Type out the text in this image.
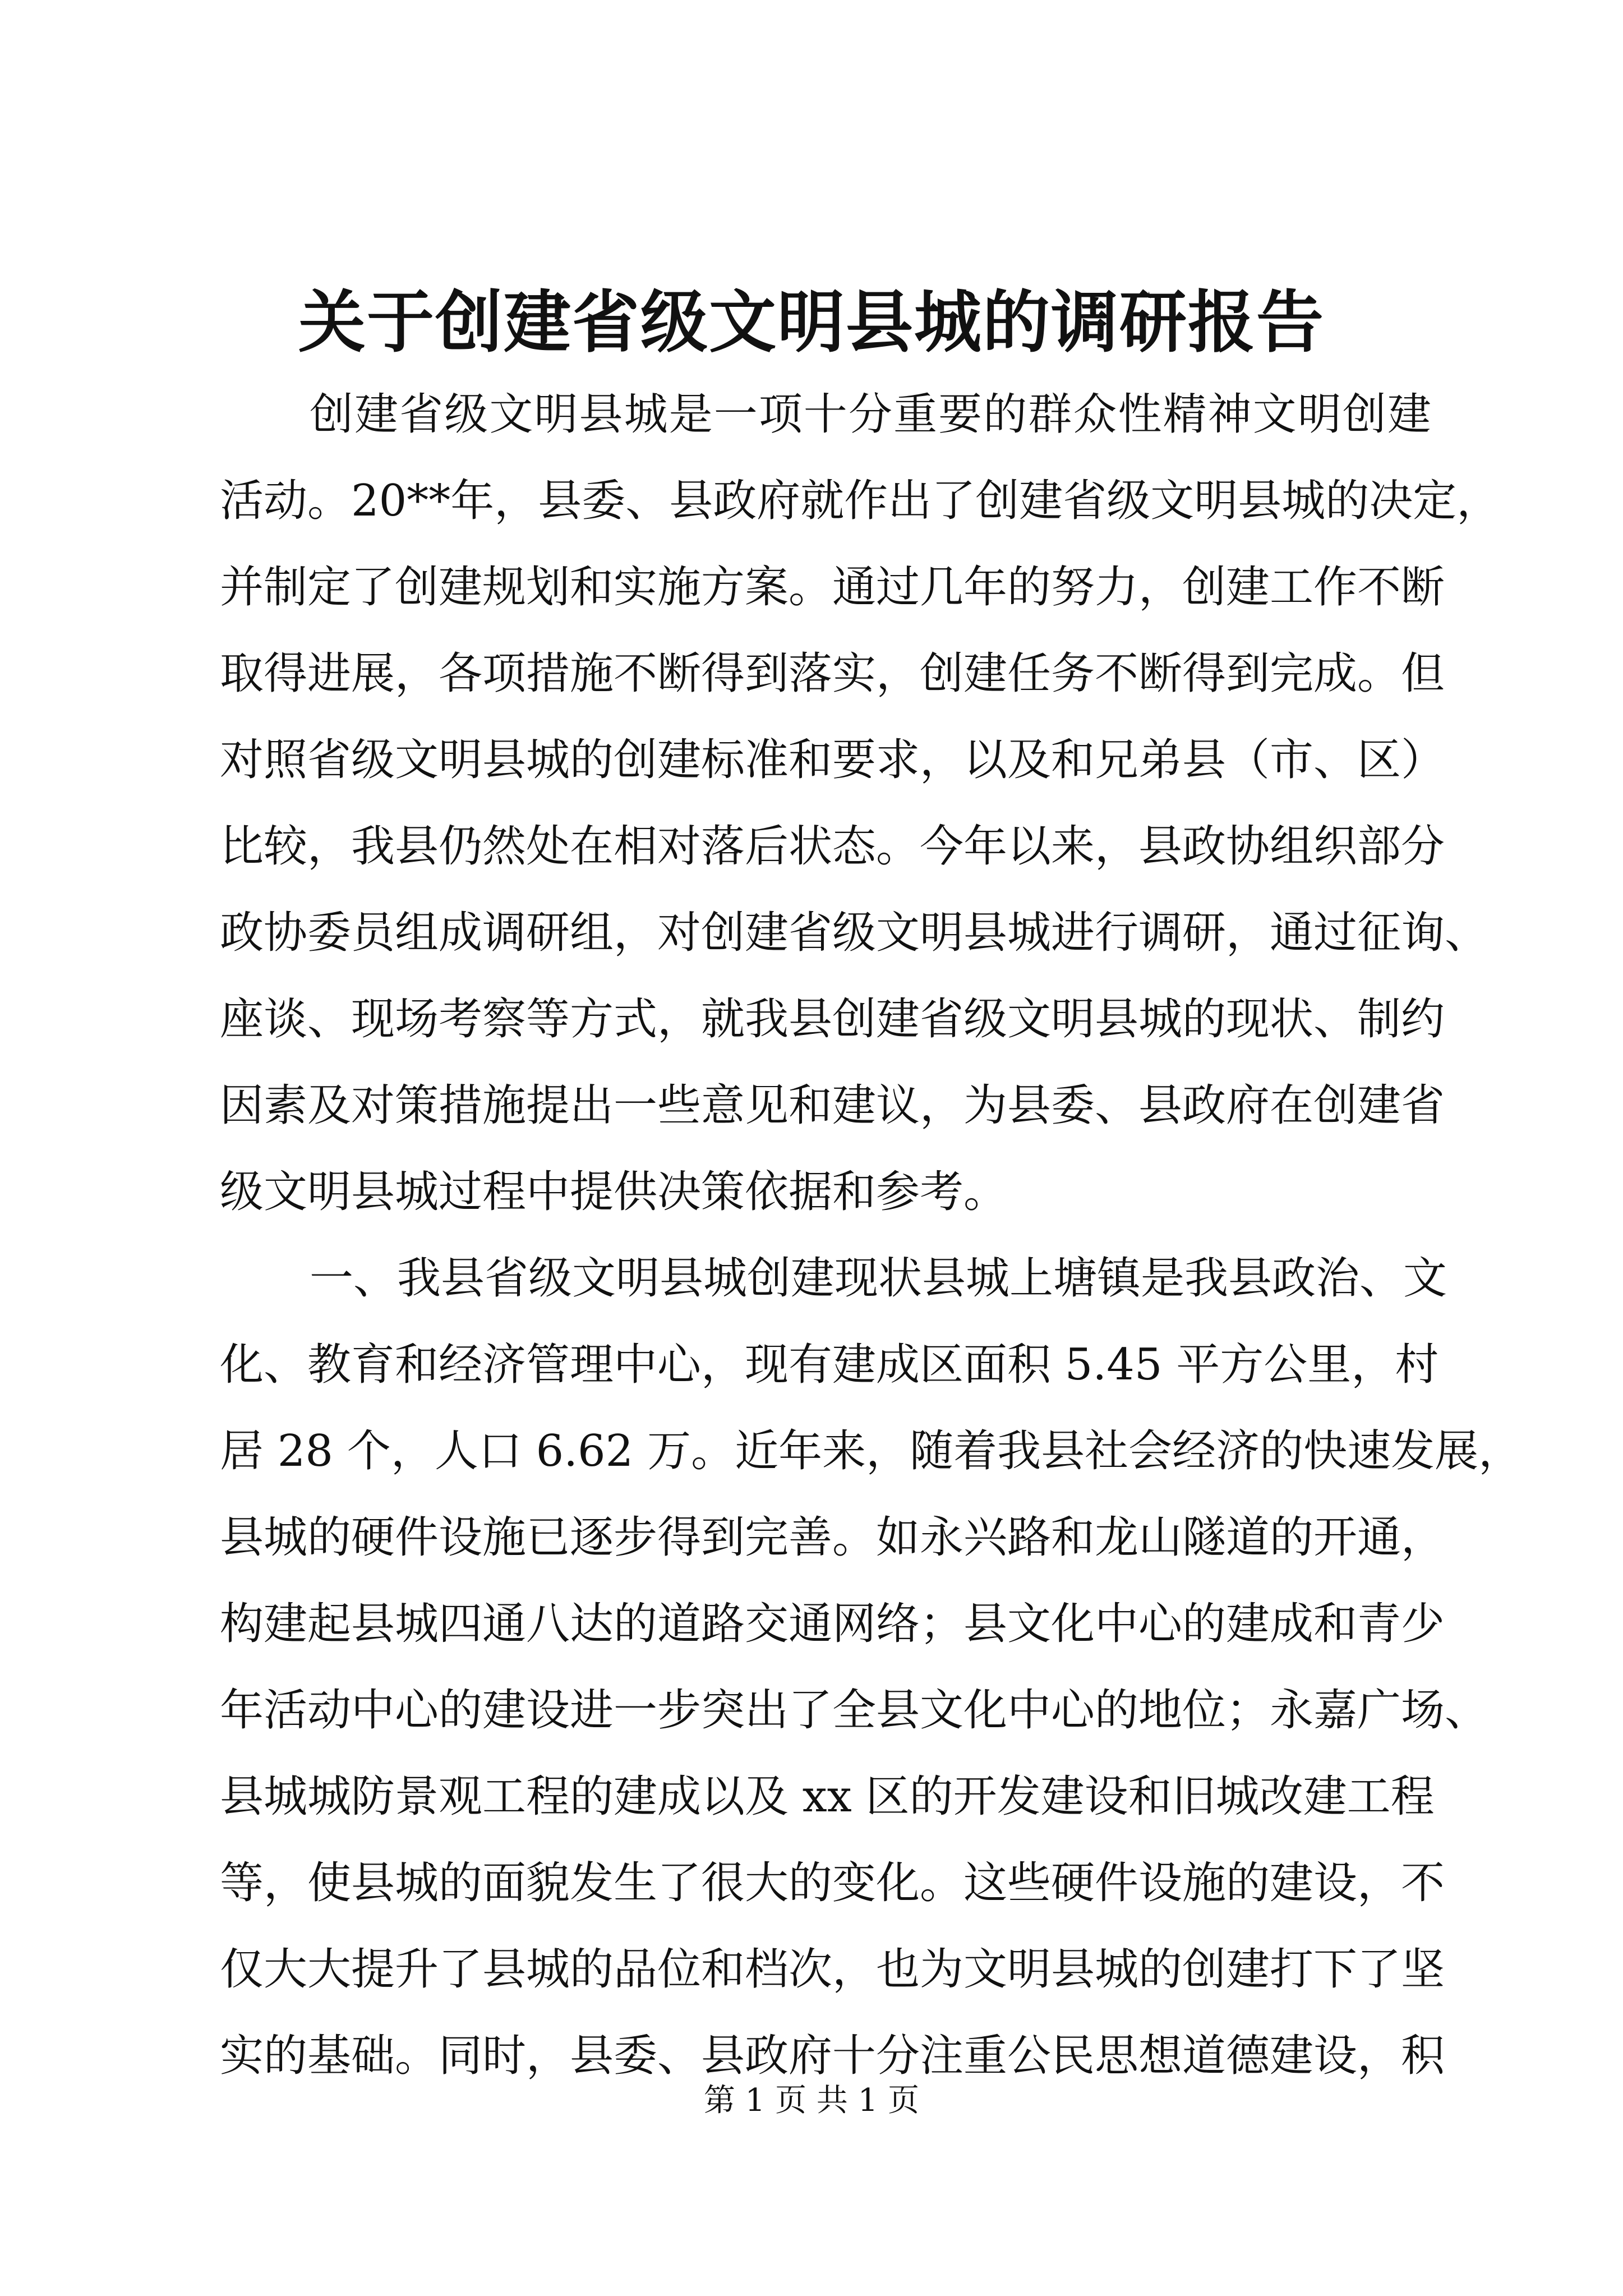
关于创建省级文明县城的调研报告
创建省级文明县城是一项十分重要的群众性精神文明创建
活动。20**年，县委、县政府就作出了创建省级文明县城的决定，
并制定了创建规划和实施方案。通过几年的努力，创建工作不断
取得进展，各项措施不断得到落实，创建任务不断得到完成。但
对照省级文明县城的创建标准和要求，以及和兄弟县（市、区）
比较，我县仍然处在相对落后状态。今年以来，县政协组织部分
政协委员组成调研组，对创建省级文明县城进行调研，通过征询、
座谈、现场考察等方式，就我县创建省级文明县城的现状、制约
因素及对策措施提出一些意见和建议，为县委、县政府在创建省
级文明县城过程中提供决策依据和参考。
一、我县省级文明县城创建现状县城上塘镇是我县政治、文
化、教育和经济管理中心，现有建成区面积 5.45 平方公里，村
居 28 个，人口 6.62 万。近年来，随着我县社会经济的快速发展，
县城的硬件设施已逐步得到完善。如永兴路和龙山隧道的开通，
构建起县城四通八达的道路交通网络；县文化中心的建成和青少
年活动中心的建设进一步突出了全县文化中心的地位；永嘉广场、
县城城防景观工程的建成以及 xx 区的开发建设和旧城改建工程
等，使县城的面貌发生了很大的变化。这些硬件设施的建设，不
仅大大提升了县城的品位和档次，也为文明县城的创建打下了坚
实的基础。同时，县委、县政府十分注重公民思想道德建设，积
第 1 页 共 1 页
